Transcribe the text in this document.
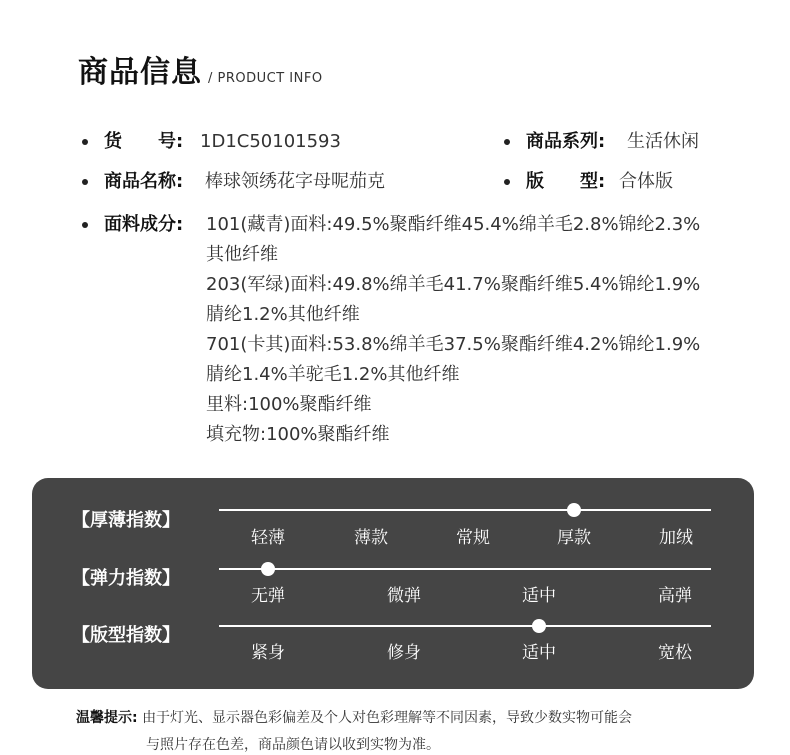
商品信息 / PRODUCT INFO
货　　号: 1D1C50101593	商品系列: 生活休闲
商品名称: 棒球领绣花字母呢茄克	版　　型: 合体版
面料成分: 101(藏青)面料:49.5%聚酯纤维45.4%绵羊毛2.8%锦纶2.3%
其他纤维
203(军绿)面料:49.8%绵羊毛41.7%聚酯纤维5.4%锦纶1.9%
腈纶1.2%其他纤维
701(卡其)面料:53.8%绵羊毛37.5%聚酯纤维4.2%锦纶1.9%
腈纶1.4%羊驼毛1.2%其他纤维
里料:100%聚酯纤维
填充物:100%聚酯纤维
【厚薄指数】
轻薄	薄款	常规	厚款	加绒
【弹力指数】
无弹	微弹	适中	高弹
【版型指数】
紧身	修身	适中	宽松
温馨提示: 由于灯光、显示器色彩偏差及个人对色彩理解等不同因素，导致少数实物可能会
与照片存在色差，商品颜色请以收到实物为准。
